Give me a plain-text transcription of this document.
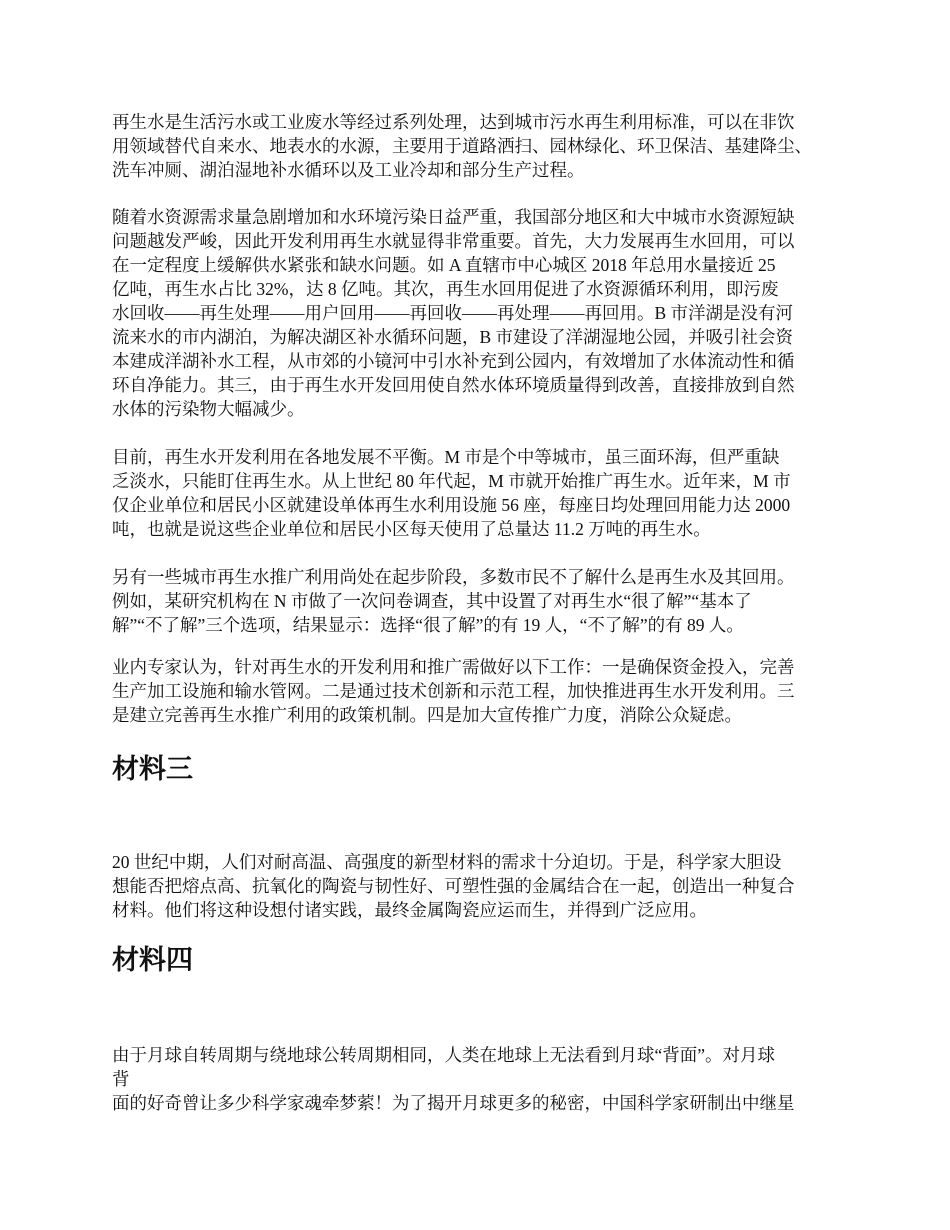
再生水是生活污水或工业废水等经过系列处理，达到城市污水再生利用标准，可以在非饮
用领域替代自来水、地表水的水源，主要用于道路洒扫、园林绿化、环卫保洁、基建降尘、
洗车冲厕、湖泊湿地补水循环以及工业冷却和部分生产过程。
随着水资源需求量急剧增加和水环境污染日益严重，我国部分地区和大中城市水资源短缺
问题越发严峻，因此开发利用再生水就显得非常重要。首先，大力发展再生水回用，可以
在一定程度上缓解供水紧张和缺水问题。如 A 直辖市中心城区 2018 年总用水量接近 25
亿吨，再生水占比 32%，达 8 亿吨。其次，再生水回用促进了水资源循环利用，即污废
水回收——再生处理——用户回用——再回收——再处理——再回用。B 市洋湖是没有河
流来水的市内湖泊，为解决湖区补水循环问题，B 市建设了洋湖湿地公园，并吸引社会资
本建成洋湖补水工程，从市郊的小镜河中引水补充到公园内，有效增加了水体流动性和循
环自净能力。其三，由于再生水开发回用使自然水体环境质量得到改善，直接排放到自然
水体的污染物大幅减少。
目前，再生水开发利用在各地发展不平衡。M 市是个中等城市，虽三面环海，但严重缺
乏淡水，只能盯住再生水。从上世纪 80 年代起，M 市就开始推广再生水。近年来，M 市
仅企业单位和居民小区就建设单体再生水利用设施 56 座，每座日均处理回用能力达 2000
吨，也就是说这些企业单位和居民小区每天使用了总量达 11.2 万吨的再生水。
另有一些城市再生水推广利用尚处在起步阶段，多数市民不了解什么是再生水及其回用。
例如，某研究机构在 N 市做了一次问卷调查，其中设置了对再生水“很了解”“基本了
解”“不了解”三个选项，结果显示：选择“很了解”的有 19 人，“不了解”的有 89 人。
业内专家认为，针对再生水的开发利用和推广需做好以下工作：一是确保资金投入，完善
生产加工设施和输水管网。二是通过技术创新和示范工程，加快推进再生水开发利用。三
是建立完善再生水推广利用的政策机制。四是加大宣传推广力度，消除公众疑虑。
材料三
20 世纪中期，人们对耐高温、高强度的新型材料的需求十分迫切。于是，科学家大胆设
想能否把熔点高、抗氧化的陶瓷与韧性好、可塑性强的金属结合在一起，创造出一种复合
材料。他们将这种设想付诸实践，最终金属陶瓷应运而生，并得到广泛应用。
材料四
由于月球自转周期与绕地球公转周期相同，人类在地球上无法看到月球“背面”。对月球
背
面的好奇曾让多少科学家魂牵梦萦！为了揭开月球更多的秘密，中国科学家研制出中继星
